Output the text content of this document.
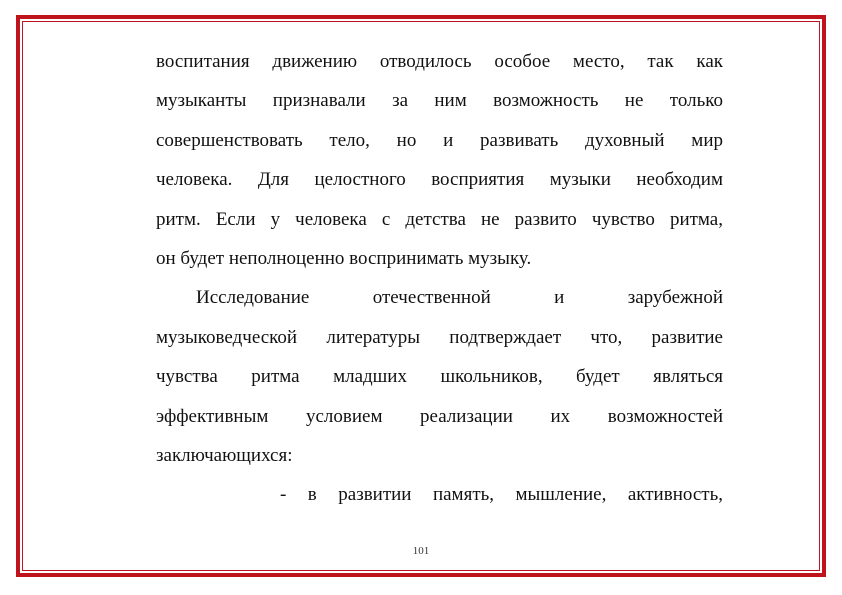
воспитания движению отводилось особое место, так как
музыканты признавали за ним возможность не только
совершенствовать тело, но и развивать духовный мир
человека. Для целостного восприятия музыки необходим
ритм. Если у человека с детства не развито чувство ритма,
он будет неполноценно воспринимать музыку.
Исследование отечественной и зарубежной
музыковедческой литературы подтверждает что, развитие
чувства ритма младших школьников, будет являться
эффективным условием реализации их возможностей
заключающихся:
- в развитии память, мышление, активность,
101
